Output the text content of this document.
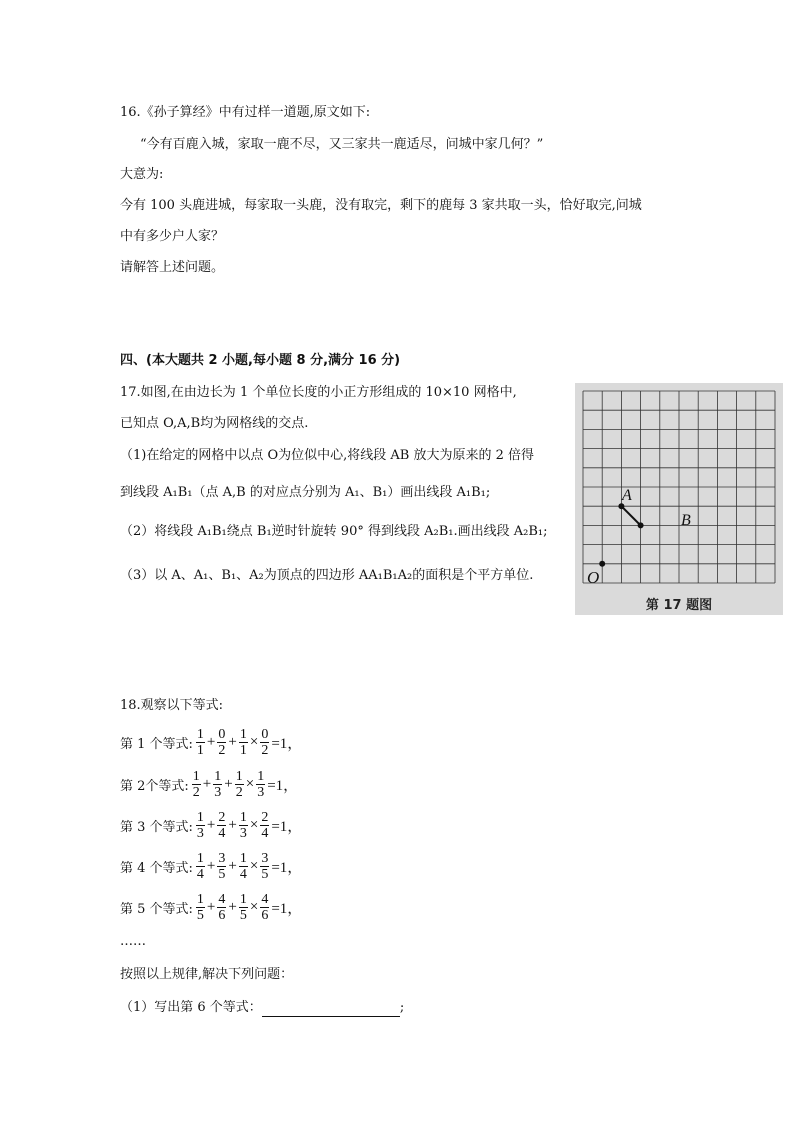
16.《孙子算经》中有过样一道题,原文如下:
“今有百鹿入城，家取一鹿不尽，又三家共一鹿适尽，问城中家几何？”
大意为:
今有 100 头鹿进城，每家取一头鹿，没有取完，剩下的鹿每 3 家共取一头，恰好取完,问城
中有多少户人家？
请解答上述问题。
四、(本大题共 2 小题,每小题 8 分,满分 16 分)
17.如图,在由边长为 1 个单位长度的小正方形组成的 10×10 网格中,
已知点 O,A,B均为网格线的交点.
（1)在给定的网格中以点 O为位似中心,将线段 AB 放大为原来的 2 倍得
到线段 A₁B₁（点 A,B 的对应点分别为 A₁、B₁）画出线段 A₁B₁;
（2）将线段 A₁B₁绕点 B₁逆时针旋转 90° 得到线段 A₂B₁.画出线段 A₂B₁;
（3）以 A、A₁、B₁、A₂为顶点的四边形 AA₁B₁A₂的面积是个平方单位.
A
B
O
第 17 题图
18.观察以下等式:
第 1 个等式: $\frac{1}{1} + \frac{0}{2} + \frac{1}{1} \times \frac{0}{2} =1$，
第 2个等式: $\frac{1}{2} + \frac{1}{3} + \frac{1}{2} \times \frac{1}{3} =1$，
第 3 个等式: $\frac{1}{3} + \frac{2}{4} + \frac{1}{3} \times \frac{2}{4} =1$，
第 4 个等式: $\frac{1}{4} + \frac{3}{5} + \frac{1}{4} \times \frac{3}{5} =1$，
第 5 个等式: $\frac{1}{5} + \frac{4}{6} + \frac{1}{5} \times \frac{4}{6} =1$，
……
按照以上规律,解决下列问题：
（1）写出第 6 个等式：	;
